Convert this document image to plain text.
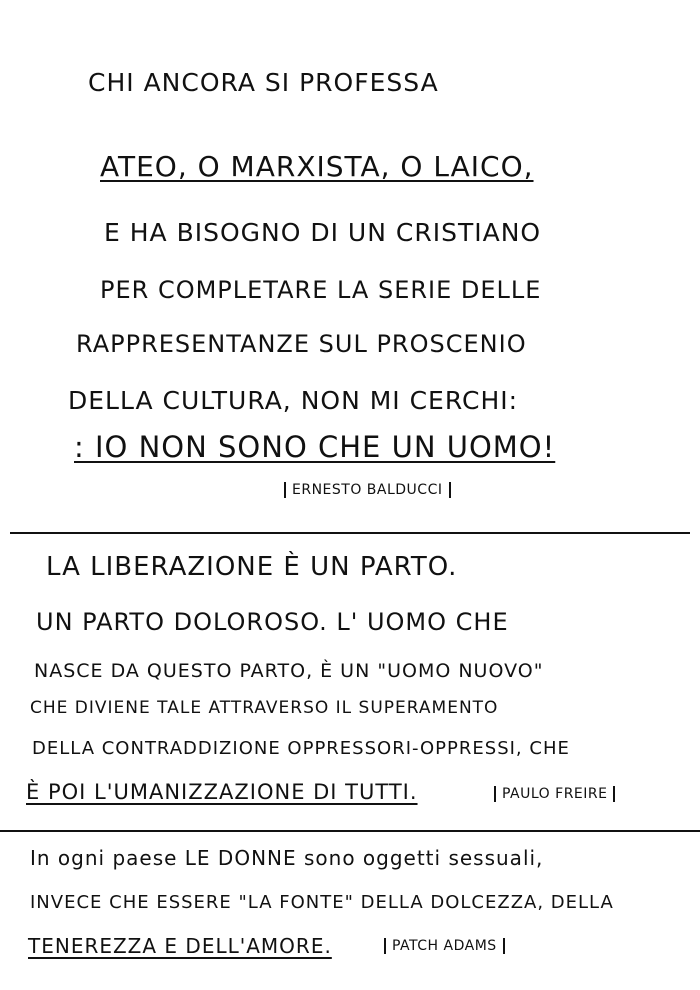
CHI ANCORA SI PROFESSA
ATEO, O MARXISTA, O LAICO,
E HA BISOGNO DI UN CRISTIANO
PER COMPLETARE LA SERIE DELLE
RAPPRESENTANZE SUL PROSCENIO
DELLA CULTURA, NON MI CERCHI:
: IO NON SONO CHE UN UOMO!
ERNESTO BALDUCCI
LA LIBERAZIONE È UN PARTO.
UN PARTO DOLOROSO. L' UOMO CHE
NASCE DA QUESTO PARTO, È UN "UOMO NUOVO"
CHE DIVIENE TALE ATTRAVERSO IL SUPERAMENTO
DELLA CONTRADDIZIONE OPPRESSORI-OPPRESSI, CHE
È POI L'UMANIZZAZIONE DI TUTTI.	PAULO FREIRE
In ogni paese LE DONNE sono oggetti sessuali,
INVECE CHE ESSERE "LA FONTE" DELLA DOLCEZZA, DELLA
TENEREZZA E DELL'AMORE.	PATCH ADAMS
